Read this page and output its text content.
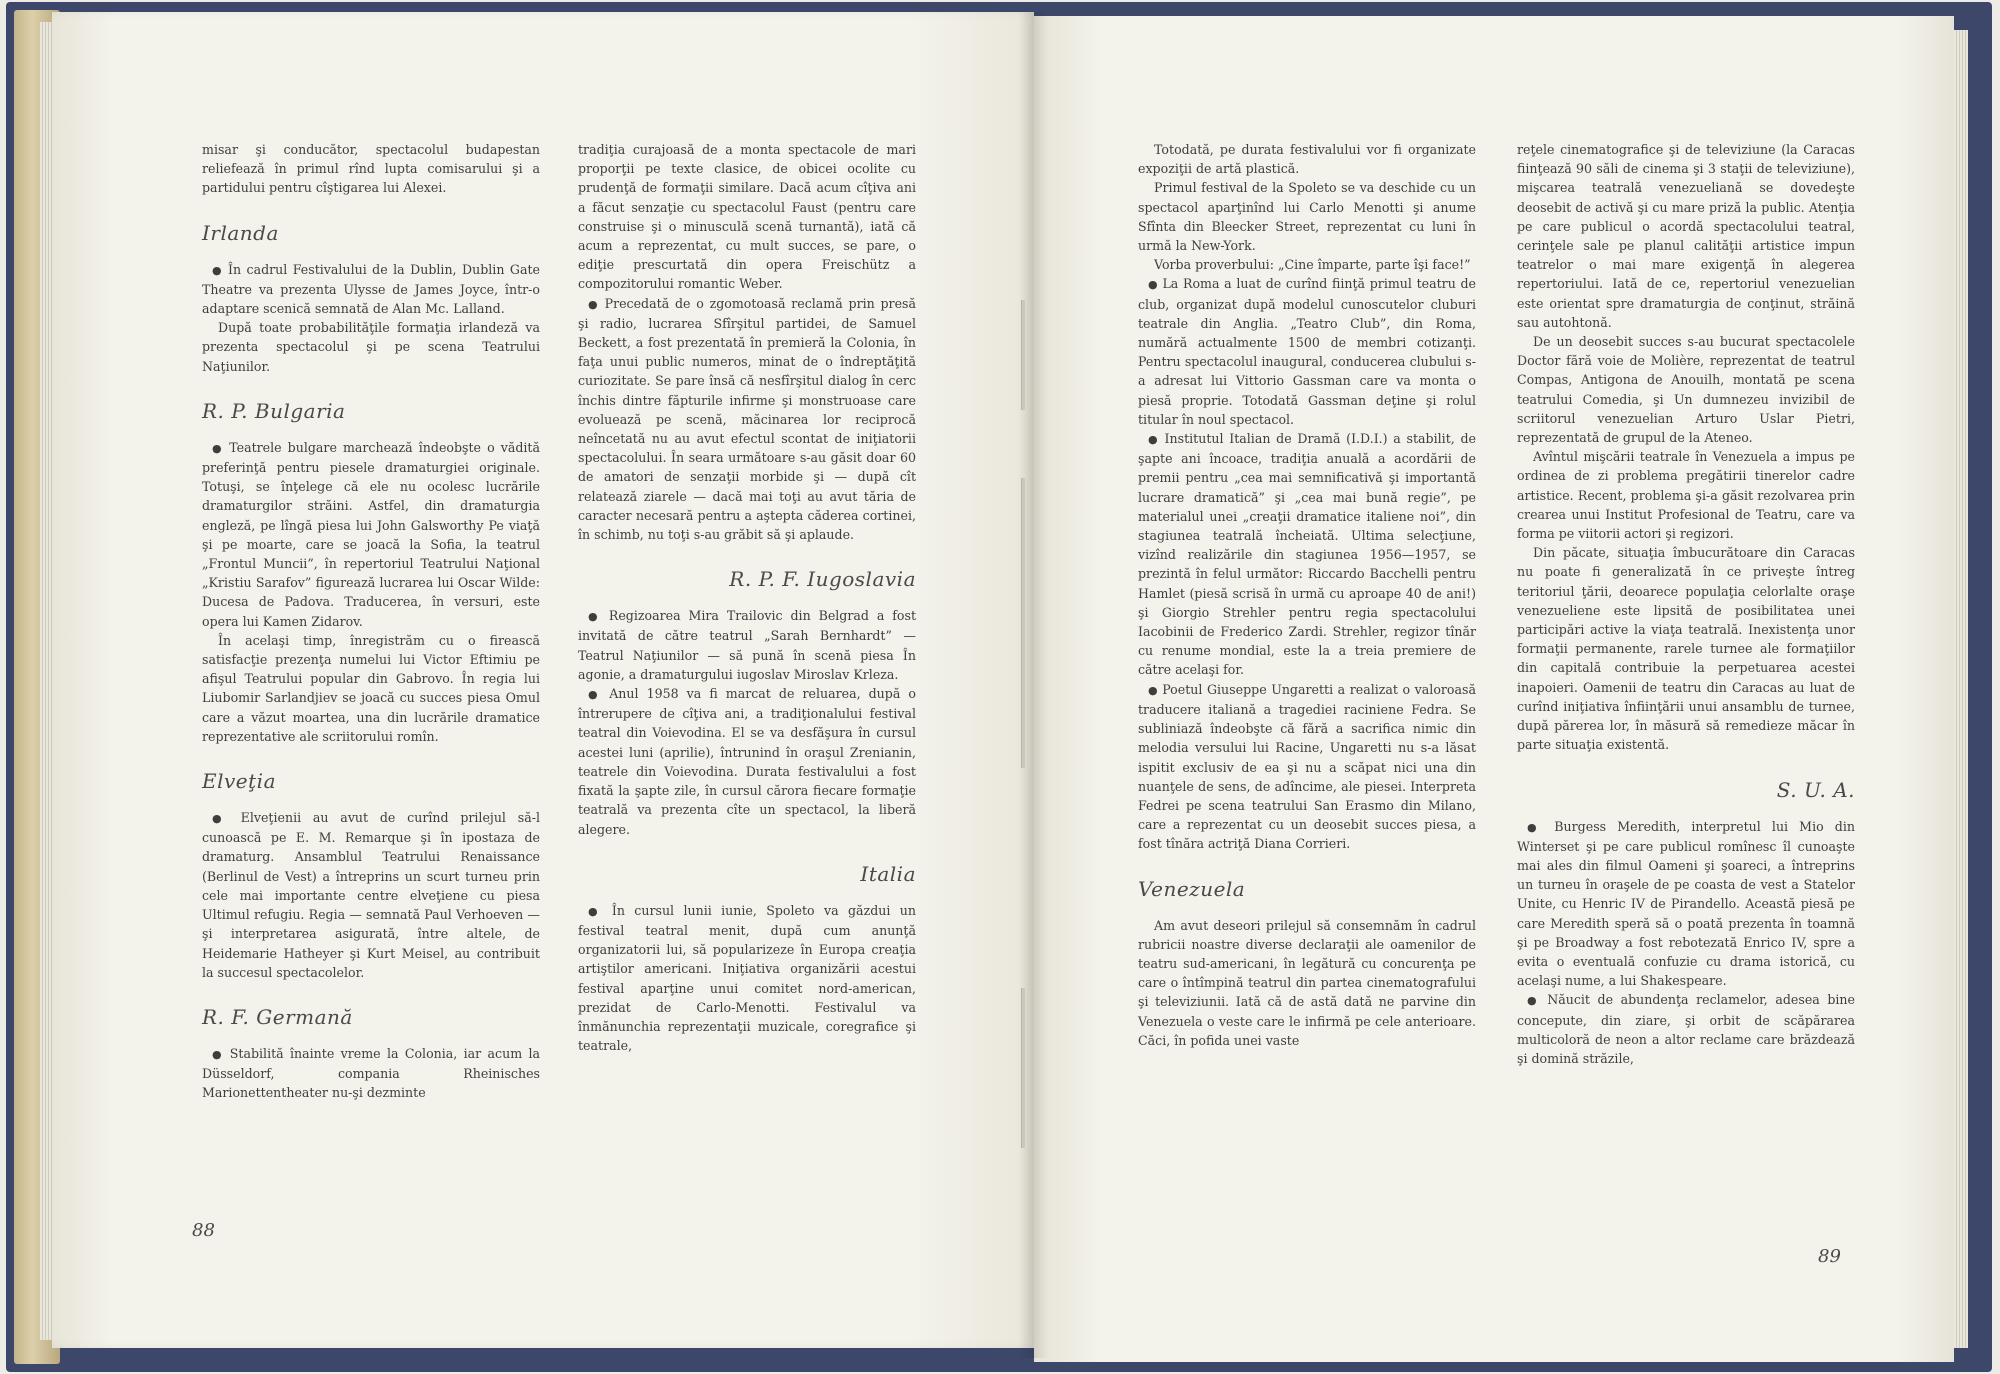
misar şi conducător, spectacolul budapestan reliefează în primul rînd lupta comisarului şi a partidului pentru cîştigarea lui Alexei.

Irlanda

● În cadrul Festivalului de la Dublin, Dublin Gate Theatre va prezenta Ulysse de James Joyce, într-o adaptare scenică semnată de Alan Mc. Lalland.

După toate probabilităţile formaţia irlandeză va prezenta spectacolul şi pe scena Teatrului Naţiunilor.

R. P. Bulgaria

● Teatrele bulgare marchează îndeobşte o vădită preferinţă pentru piesele dramaturgiei originale. Totuşi, se înţelege că ele nu ocolesc lucrările dramaturgilor străini. Astfel, din dramaturgia engleză, pe lîngă piesa lui John Galsworthy Pe viaţă şi pe moarte, care se joacă la Sofia, la teatrul „Frontul Muncii”, în repertoriul Teatrului Naţional „Kristiu Sarafov” figurează lucrarea lui Oscar Wilde: Ducesa de Padova. Traducerea, în versuri, este opera lui Kamen Zidarov.

În acelaşi timp, înregistrăm cu o firească satisfacţie prezenţa numelui lui Victor Eftimiu pe afişul Teatrului popular din Gabrovo. În regia lui Liubomir Sarlandjiev se joacă cu succes piesa Omul care a văzut moartea, una din lucrările dramatice reprezentative ale scriitorului romîn.

Elveţia

● Elveţienii au avut de curînd prilejul să-l cunoască pe E. M. Remarque şi în ipostaza de dramaturg. Ansamblul Teatrului Renaissance (Berlinul de Vest) a întreprins un scurt turneu prin cele mai importante centre elveţiene cu piesa Ultimul refugiu. Regia — semnată Paul Verhoeven — şi interpretarea asigurată, între altele, de Heidemarie Hatheyer şi Kurt Meisel, au contribuit la succesul spectacolelor.

R. F. Germană

● Stabilită înainte vreme la Colonia, iar acum la Düsseldorf, compania Rheinisches Marionettentheater nu-şi dezminte

tradiţia curajoasă de a monta spectacole de mari proporţii pe texte clasice, de obicei ocolite cu prudenţă de formaţii similare. Dacă acum cîţiva ani a făcut senzaţie cu spectacolul Faust (pentru care construise şi o minusculă scenă turnantă), iată că acum a reprezentat, cu mult succes, se pare, o ediţie prescurtată din opera Freischütz a compozitorului romantic Weber.

● Precedată de o zgomotoasă reclamă prin presă şi radio, lucrarea Sfîrşitul partidei, de Samuel Beckett, a fost prezentată în premieră la Colonia, în faţa unui public numeros, minat de o îndreptăţită curiozitate. Se pare însă că nesfîrşitul dialog în cerc închis dintre făpturile infirme şi monstruoase care evoluează pe scenă, măcinarea lor reciprocă neîncetată nu au avut efectul scontat de iniţiatorii spectacolului. În seara următoare s-au găsit doar 60 de amatori de senzaţii morbide şi — după cît relatează ziarele — dacă mai toţi au avut tăria de caracter necesară pentru a aştepta căderea cortinei, în schimb, nu toţi s-au grăbit să şi aplaude.

R. P. F. Iugoslavia

● Regizoarea Mira Trailovic din Belgrad a fost invitată de către teatrul „Sarah Bernhardt” — Teatrul Naţiunilor — să pună în scenă piesa În agonie, a dramaturgului iugoslav Miroslav Krleza.

● Anul 1958 va fi marcat de reluarea, după o întrerupere de cîţiva ani, a tradiţionalului festival teatral din Voievodina. El se va desfăşura în cursul acestei luni (aprilie), întrunind în oraşul Zrenianin, teatrele din Voievodina. Durata festivalului a fost fixată la şapte zile, în cursul cărora fiecare formaţie teatrală va prezenta cîte un spectacol, la liberă alegere.

Italia

● În cursul lunii iunie, Spoleto va găzdui un festival teatral menit, după cum anunţă organizatorii lui, să popularizeze în Europa creaţia artiştilor americani. Iniţiativa organizării acestui festival aparţine unui comitet nord-american, prezidat de Carlo-Menotti. Festivalul va înmănunchia reprezentaţii muzicale, coregrafice şi teatrale,

Totodată, pe durata festivalului vor fi organizate expoziţii de artă plastică.

Primul festival de la Spoleto se va deschide cu un spectacol aparţinînd lui Carlo Menotti şi anume Sfînta din Bleecker Street, reprezentat cu luni în urmă la New-York.

Vorba proverbului: „Cine împarte, parte îşi face!”

● La Roma a luat de curînd fiinţă primul teatru de club, organizat după modelul cunoscutelor cluburi teatrale din Anglia. „Teatro Club”, din Roma, numără actualmente 1500 de membri cotizanţi. Pentru spectacolul inaugural, conducerea clubului s-a adresat lui Vittorio Gassman care va monta o piesă proprie. Totodată Gassman deţine şi rolul titular în noul spectacol.

● Institutul Italian de Dramă (I.D.I.) a stabilit, de şapte ani încoace, tradiţia anuală a acordării de premii pentru „cea mai semnificativă şi importantă lucrare dramatică” şi „cea mai bună regie”, pe materialul unei „creaţii dramatice italiene noi”, din stagiunea teatrală încheiată. Ultima selecţiune, vizînd realizările din stagiunea 1956—1957, se prezintă în felul următor: Riccardo Bacchelli pentru Hamlet (piesă scrisă în urmă cu aproape 40 de ani!) şi Giorgio Strehler pentru regia spectacolului Iacobinii de Frederico Zardi. Strehler, regizor tînăr cu renume mondial, este la a treia premiere de către acelaşi for.

● Poetul Giuseppe Ungaretti a realizat o valoroasă traducere italiană a tragediei raciniene Fedra. Se subliniază îndeobşte că fără a sacrifica nimic din melodia versului lui Racine, Ungaretti nu s-a lăsat ispitit exclusiv de ea şi nu a scăpat nici una din nuanţele de sens, de adîncime, ale piesei. Interpreta Fedrei pe scena teatrului San Erasmo din Milano, care a reprezentat cu un deosebit succes piesa, a fost tînăra actriţă Diana Corrieri.

Venezuela

Am avut deseori prilejul să consemnăm în cadrul rubricii noastre diverse declaraţii ale oamenilor de teatru sud-americani, în legătură cu concurenţa pe care o întîmpină teatrul din partea cinematografului şi televiziunii. Iată că de astă dată ne parvine din Venezuela o veste care le infirmă pe cele anterioare. Căci, în pofida unei vaste

reţele cinematografice şi de televiziune (la Caracas fiinţează 90 săli de cinema şi 3 staţii de televiziune), mişcarea teatrală venezueliană se dovedeşte deosebit de activă şi cu mare priză la public. Atenţia pe care publicul o acordă spectacolului teatral, cerinţele sale pe planul calităţii artistice impun teatrelor o mai mare exigenţă în alegerea repertoriului. Iată de ce, repertoriul venezuelian este orientat spre dramaturgia de conţinut, străină sau autohtonă.

De un deosebit succes s-au bucurat spectacolele Doctor fără voie de Molière, reprezentat de teatrul Compas, Antigona de Anouilh, montată pe scena teatrului Comedia, şi Un dumnezeu invizibil de scriitorul venezuelian Arturo Uslar Pietri, reprezentată de grupul de la Ateneo.

Avîntul mişcării teatrale în Venezuela a impus pe ordinea de zi problema pregătirii tinerelor cadre artistice. Recent, problema şi-a găsit rezolvarea prin crearea unui Institut Profesional de Teatru, care va forma pe viitorii actori şi regizori.

Din păcate, situaţia îmbucurătoare din Caracas nu poate fi generalizată în ce priveşte întreg teritoriul ţării, deoarece populaţia celorlalte oraşe venezueliene este lipsită de posibilitatea unei participări active la viaţa teatrală. Inexistenţa unor formaţii permanente, rarele turnee ale formaţiilor din capitală contribuie la perpetuarea acestei inapoieri. Oamenii de teatru din Caracas au luat de curînd iniţiativa înfiinţării unui ansamblu de turnee, după părerea lor, în măsură să remedieze măcar în parte situaţia existentă.

S. U. A.

● Burgess Meredith, interpretul lui Mio din Winterset şi pe care publicul romînesc îl cunoaşte mai ales din filmul Oameni şi şoareci, a întreprins un turneu în oraşele de pe coasta de vest a Statelor Unite, cu Henric IV de Pirandello. Această piesă pe care Meredith speră să o poată prezenta în toamnă şi pe Broadway a fost rebotezată Enrico IV, spre a evita o eventuală confuzie cu drama istorică, cu acelaşi nume, a lui Shakespeare.

● Năucit de abundenţa reclamelor, adesea bine concepute, din ziare, şi orbit de scăpărarea multicoloră de neon a altor reclame care brăzdează şi domină străzile,

88
89
